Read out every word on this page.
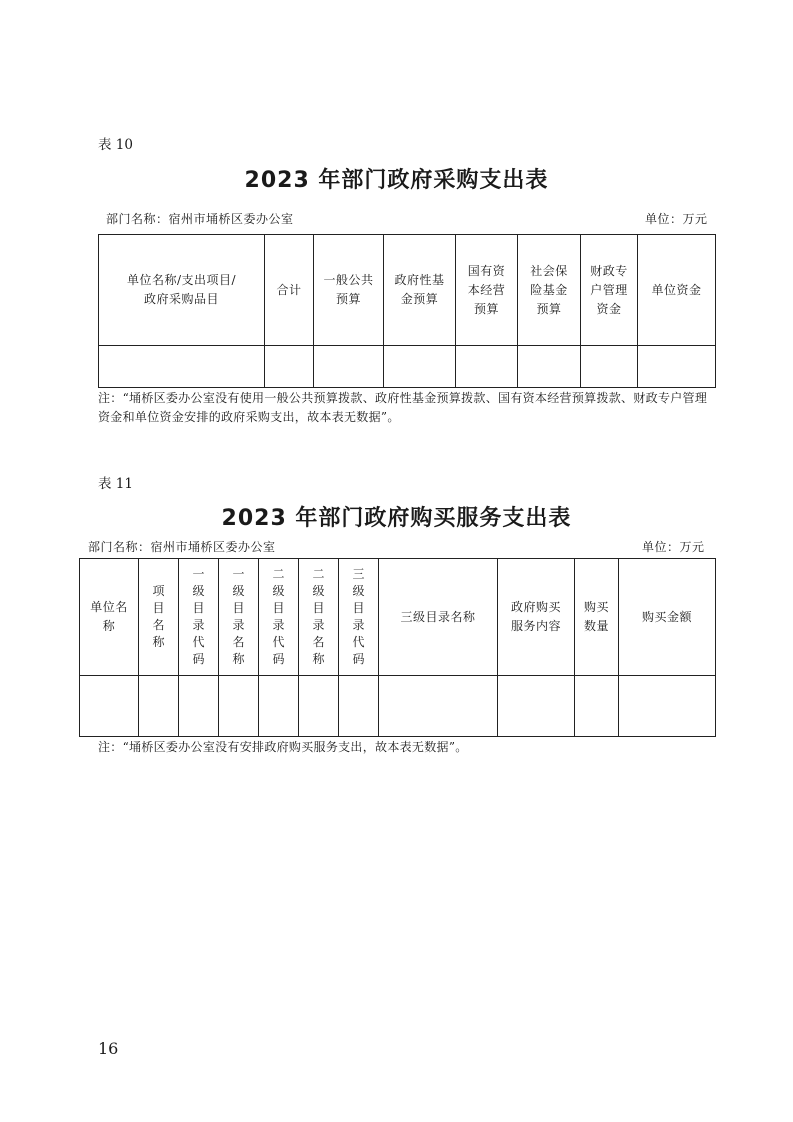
表 10
2023 年部门政府采购支出表
部门名称：宿州市埇桥区委办公室	单位：万元
单位名称/支出项目/政府采购品目	合计	一般公共预算	政府性基金预算	国有资本经营预算	社会保险基金预算	财政专户管理资金	单位资金

注：“埇桥区委办公室没有使用一般公共预算拨款、政府性基金预算拨款、国有资本经营预算拨款、财政专户管理资金和单位资金安排的政府采购支出，故本表无数据”。
表 11
2023 年部门政府购买服务支出表
部门名称：宿州市埇桥区委办公室	单位：万元
单位名称	项目名称	一级目录代码	一级目录名称	二级目录代码	二级目录名称	三级目录代码	三级目录名称	政府购买服务内容	购买数量	购买金额

注：“埇桥区委办公室没有安排政府购买服务支出，故本表无数据”。
16
